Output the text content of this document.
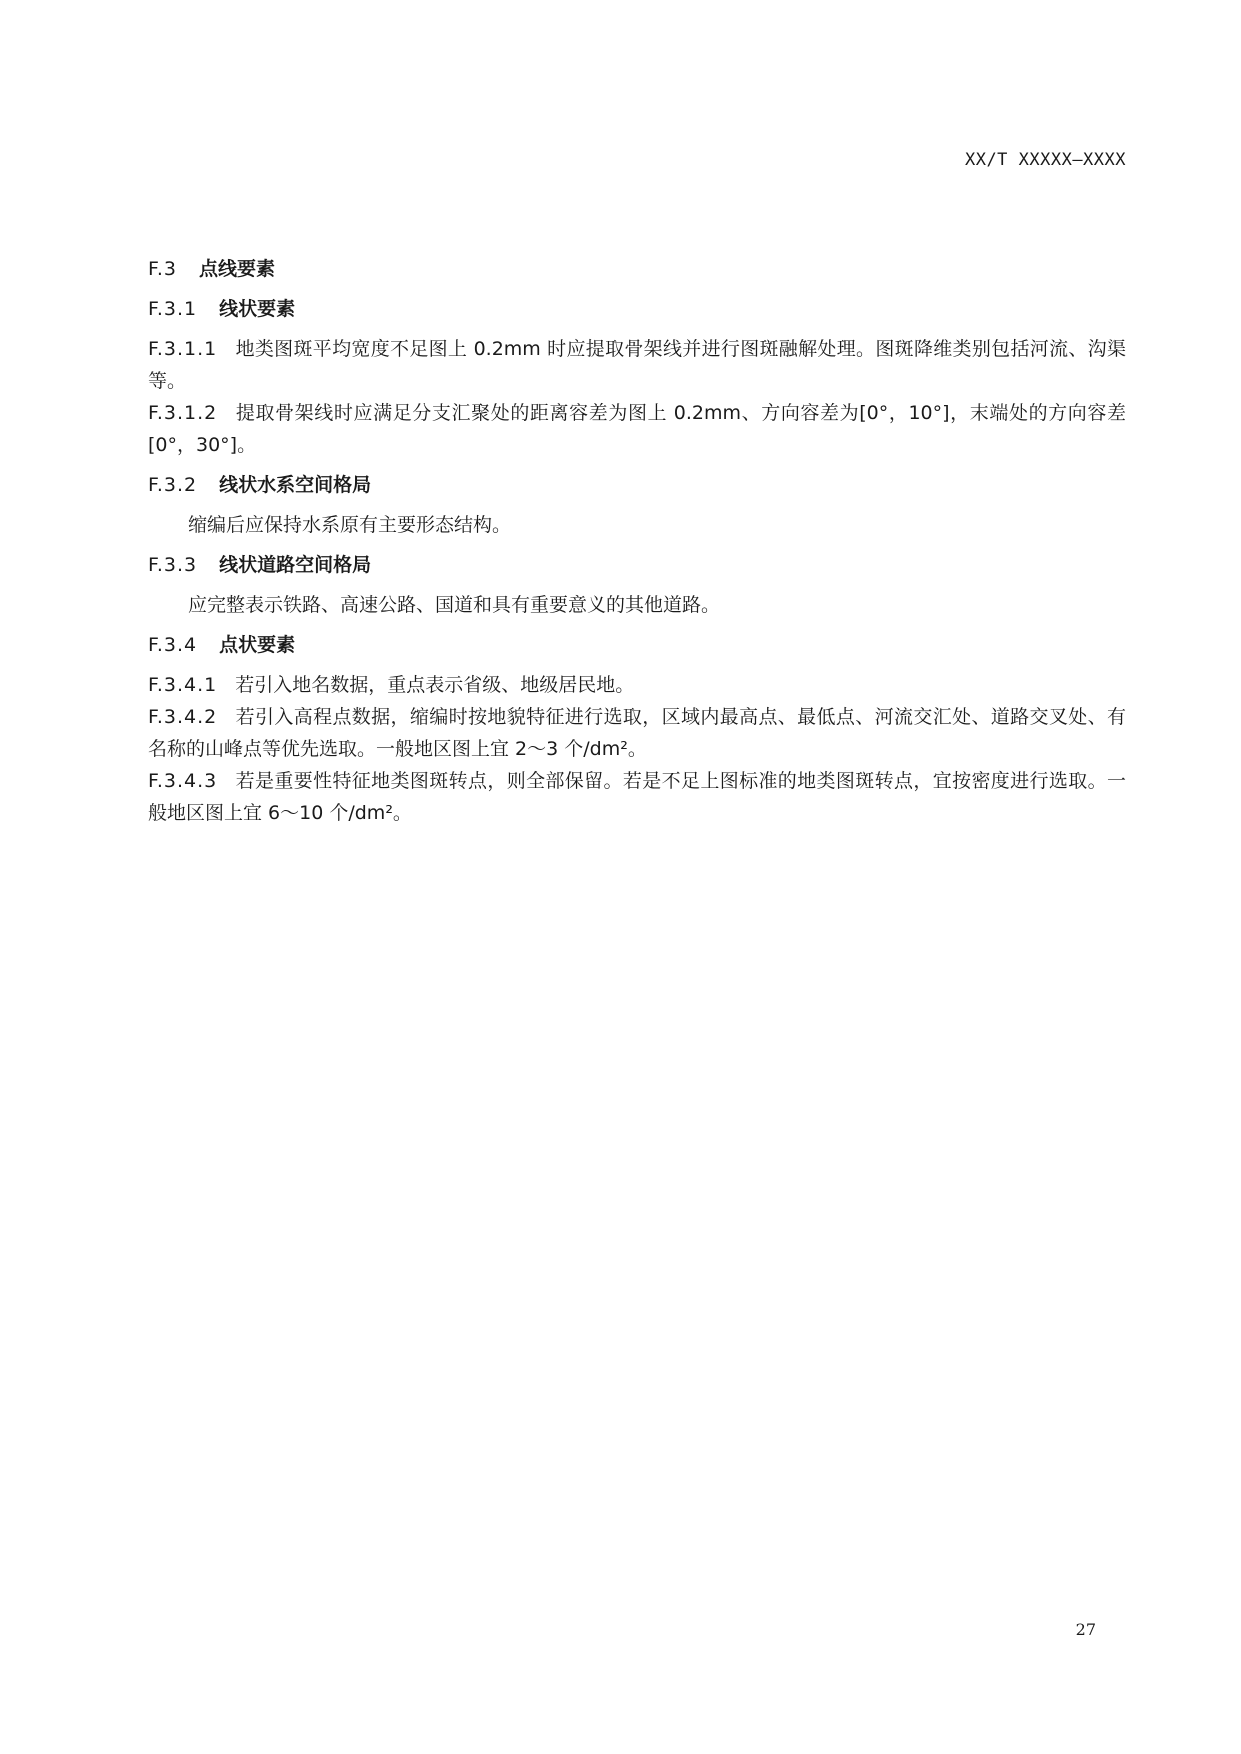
XX/T XXXXX—XXXX

F.3 点线要素

F.3.1 线状要素

F.3.1.1 地类图斑平均宽度不足图上 0.2mm 时应提取骨架线并进行图斑融解处理。图斑降维类别包括河流、沟渠等。

F.3.1.2 提取骨架线时应满足分支汇聚处的距离容差为图上 0.2mm、方向容差为[0°，10°]，末端处的方向容差[0°，30°]。

F.3.2 线状水系空间格局

缩编后应保持水系原有主要形态结构。

F.3.3 线状道路空间格局

应完整表示铁路、高速公路、国道和具有重要意义的其他道路。

F.3.4 点状要素

F.3.4.1 若引入地名数据，重点表示省级、地级居民地。

F.3.4.2 若引入高程点数据，缩编时按地貌特征进行选取，区域内最高点、最低点、河流交汇处、道路交叉处、有名称的山峰点等优先选取。一般地区图上宜 2～3 个/dm²。

F.3.4.3 若是重要性特征地类图斑转点，则全部保留。若是不足上图标准的地类图斑转点，宜按密度进行选取。一般地区图上宜 6～10 个/dm²。

27
